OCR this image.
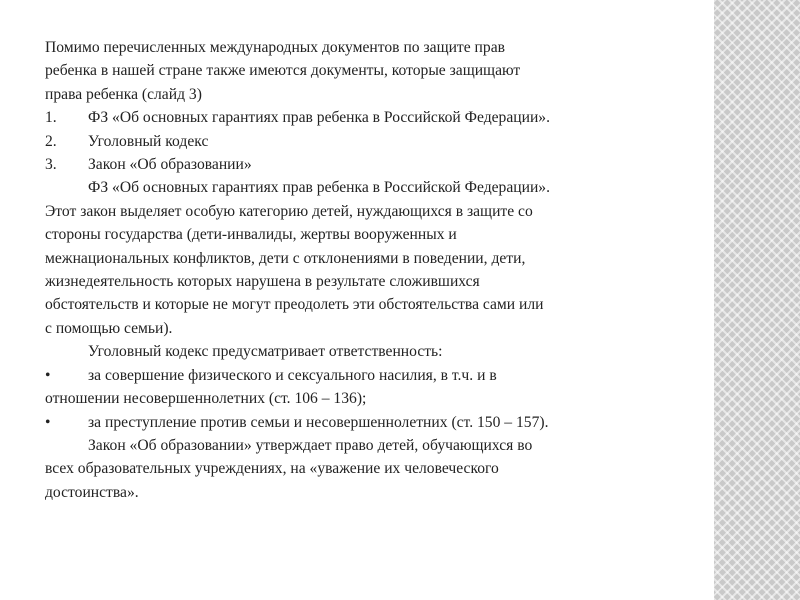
Помимо перечисленных международных документов по защите прав
ребенка в нашей стране также имеются документы, которые защищают
права ребенка (слайд 3)
1.	ФЗ «Об основных гарантиях прав ребенка в Российской Федерации».
2.	Уголовный кодекс
3.	Закон «Об образовании»
ФЗ «Об основных гарантиях прав ребенка в Российской Федерации».
Этот закон выделяет особую категорию детей, нуждающихся в защите со
стороны государства (дети-инвалиды, жертвы вооруженных и
межнациональных конфликтов, дети с отклонениями в поведении, дети,
жизнедеятельность которых нарушена в результате сложившихся
обстоятельств и которые не могут преодолеть эти обстоятельства сами или
с помощью семьи).
Уголовный кодекс предусматривает ответственность:
•	за совершение физического и сексуального насилия, в т.ч. и в
отношении несовершеннолетних (ст. 106 – 136);
•	за преступление против семьи и несовершеннолетних (ст. 150 – 157).
Закон «Об образовании» утверждает право детей, обучающихся во
всех образовательных учреждениях, на «уважение их человеческого
достоинства».
